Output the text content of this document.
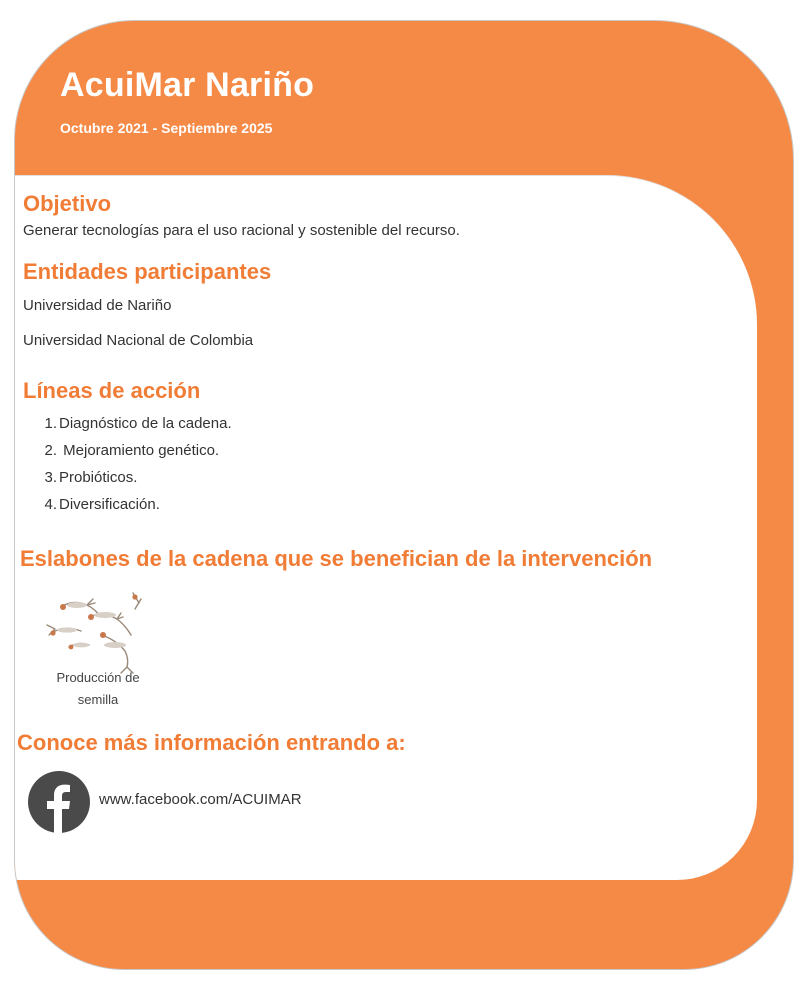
AcuiMar Nariño

Octubre 2021 - Septiembre 2025

Objetivo

Generar tecnologías para el uso racional y sostenible del recurso.

Entidades participantes

Universidad de Nariño

Universidad Nacional de Colombia

Líneas de acción
Eslabones de la cadena que se benefician de la intervención
Conoce más información entrando a:
1. Diagnóstico de la cadena.
2. Mejoramiento genético.
3. Probióticos.
4. Diversificación.
Producción de semilla
www.facebook.com/ACUIMAR
